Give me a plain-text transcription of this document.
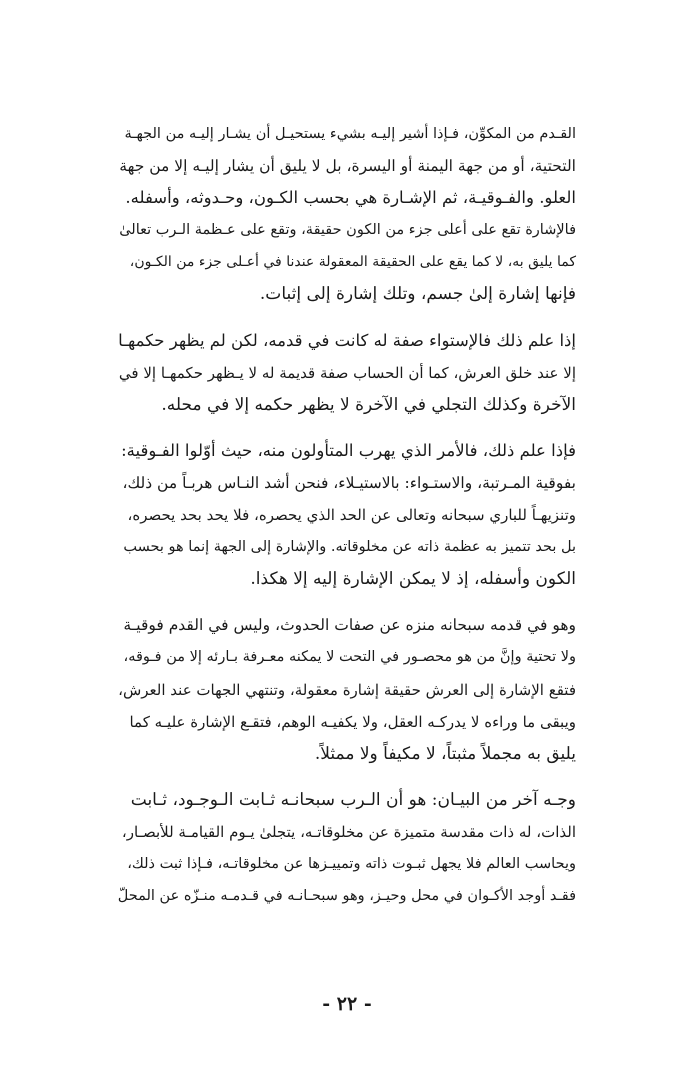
القـدم من المكوِّن، فـإذا أشير إليـه بشيء يستحيـل أن يشـار إليـه من الجهـة
التحتية، أو من جهة اليمنة أو اليسرة، بل لا يليق أن يشار إليـه إلا من جهة
العلو. والفـوقيـة، ثم الإشـارة هي بحسب الكـون، وحـدوثه، وأسفله.
فالإشارة تقع على أعلى جزء من الكون حقيقة، وتقع على عـظمة الـرب تعالىٰ
كما يليق به، لا كما يقع على الحقيقة المعقولة عندنا في أعـلى جزء من الكـون،
فإنها إشارة إلىٰ جسم، وتلك إشارة إلى إثبات.

إذا علم ذلك فالإستواء صفة له كانت في قدمه، لكن لم يظهر حكمهـا
إلا عند خلق العرش، كما أن الحساب صفة قديمة له لا يـظهر حكمهـا إلا في
الآخرة وكذلك التجلي في الآخرة لا يظهر حكمه إلا في محله.

فإذا علم ذلك، فالأمر الذي يهرب المتأولون منه، حيث أوّلوا الفـوقية:
بفوقية المـرتبة، والاستـواء: بالاستيـلاء، فنحن أشد النـاس هربـاً من ذلك،
وتنزيهـاً للباري سبحانه وتعالى عن الحد الذي يحصره، فلا يحد بحد يحصره،
بل بحد تتميز به عظمة ذاته عن مخلوقاته. والإشارة إلى الجهة إنما هو بحسب
الكون وأسفله، إذ لا يمكن الإشارة إليه إلا هكذا.

وهو في قدمه سبحانه منزه عن صفات الحدوث، وليس في القدم فوقيـة
ولا تحتية وإنَّ من هو محصـور في التحت لا يمكنه معـرفة بـارئه إلا من فـوقه،
فتقع الإشارة إلى العرش حقيقة إشارة معقولة، وتنتهي الجهات عند العرش،
ويبقى ما وراءه لا يدركـه العقل، ولا يكفيـه الوهم، فتقـع الإشارة عليـه كما
يليق به مجملاً مثبتاً، لا مكيفاً ولا ممثلاً.

وجـه آخر من البيـان: هو أن الـرب سبحانـه ثـابت الـوجـود، ثـابت
الذات، له ذات مقدسة متميزة عن مخلوقاتـه، يتجلىٰ يـوم القيامـة للأبصـار،
ويحاسب العالم فلا يجهل ثبـوت ذاته وتمييـزها عن مخلوقاتـه، فـإذا ثبت ذلك،
فقـد أوجد الأكـوان في محل وحيـز، وهو سبحـانـه في قـدمـه منـزّه عن المحلّ

- ٢٢ -
